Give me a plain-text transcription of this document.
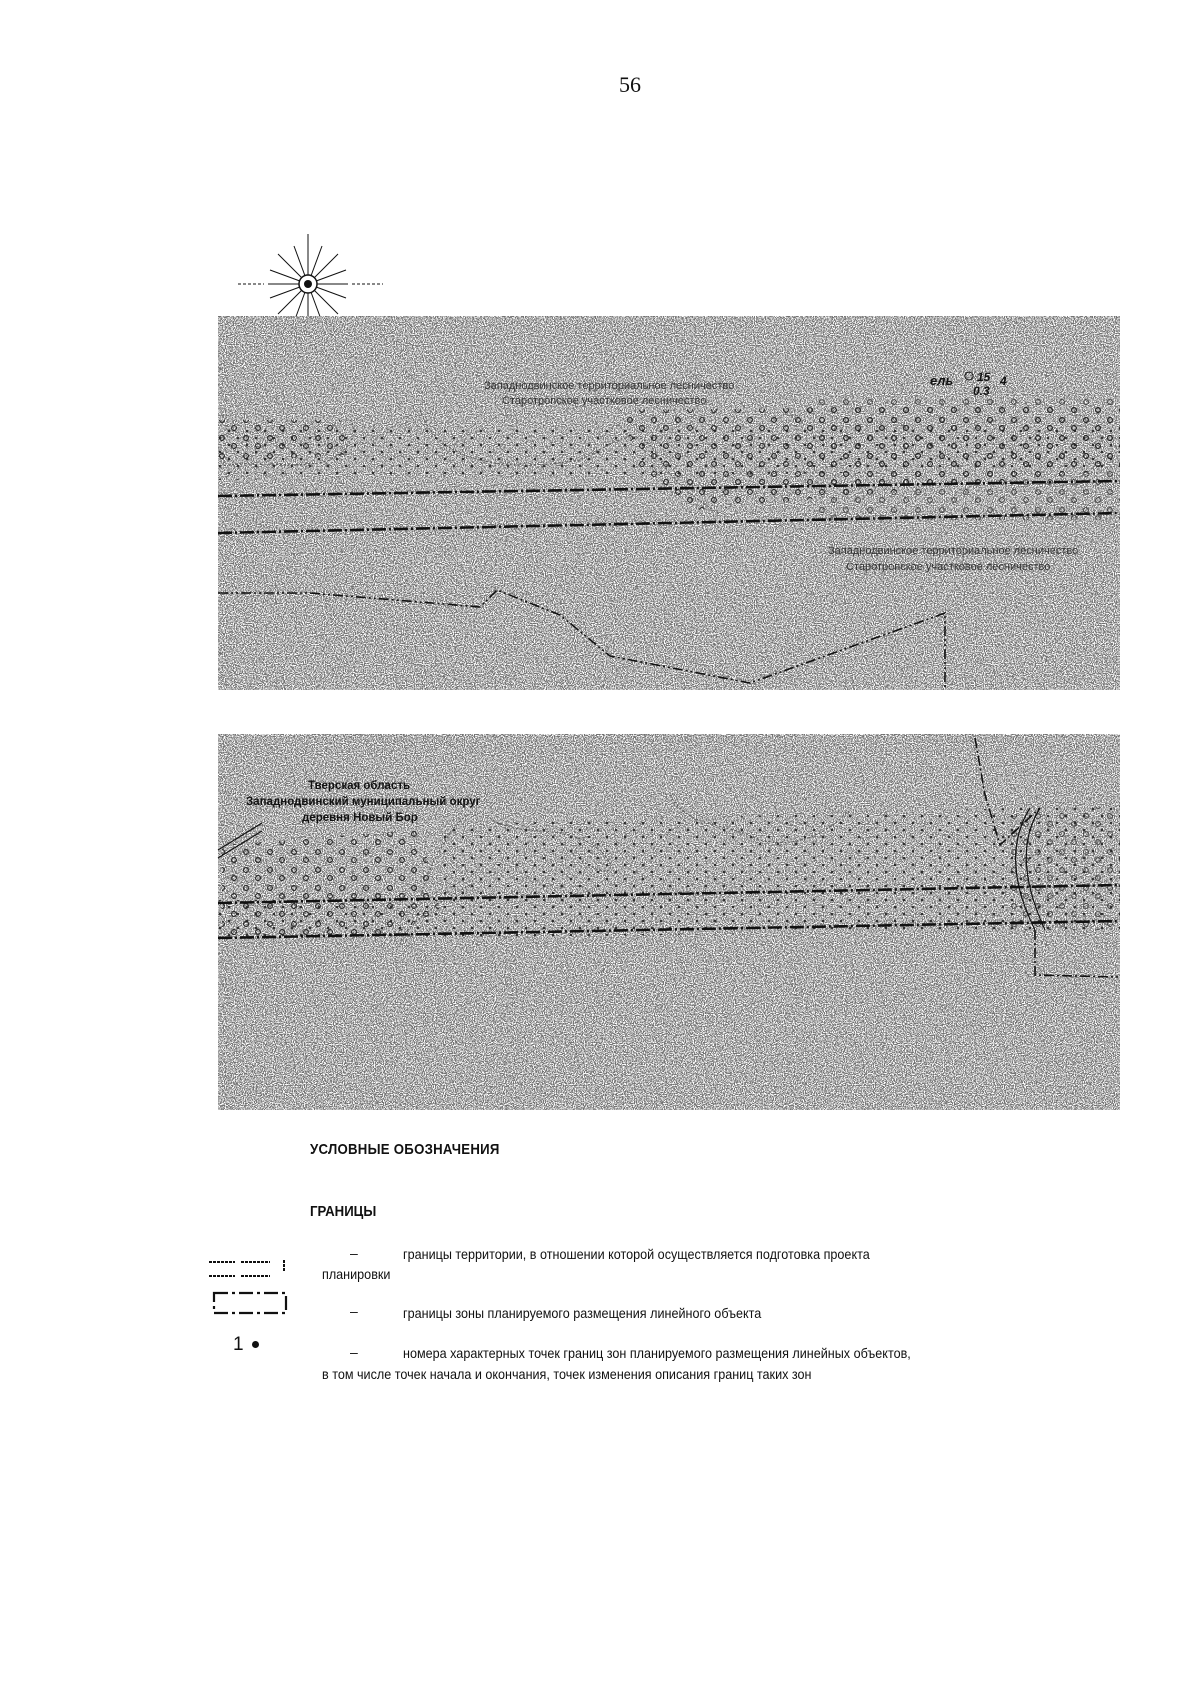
56
Западнодвинское территориальное лесничество
Старотропское участковое лесничество
Западнодвинское территориальное лесничество
Старотропское участковое лесничество
ель 15
0.3
4
Тверская область
Западнодвинский муниципальный округ
деревня Новый Бор
УСЛОВНЫЕ ОБОЗНАЧЕНИЯ
ГРАНИЦЫ
–	границы территории, в отношении которой осуществляется подготовка проекта
планировки
–	границы зоны планируемого размещения линейного объекта
1	–	номера характерных точек границ зон планируемого размещения линейных объектов,
в том числе точек начала и окончания, точек изменения описания границ таких зон
